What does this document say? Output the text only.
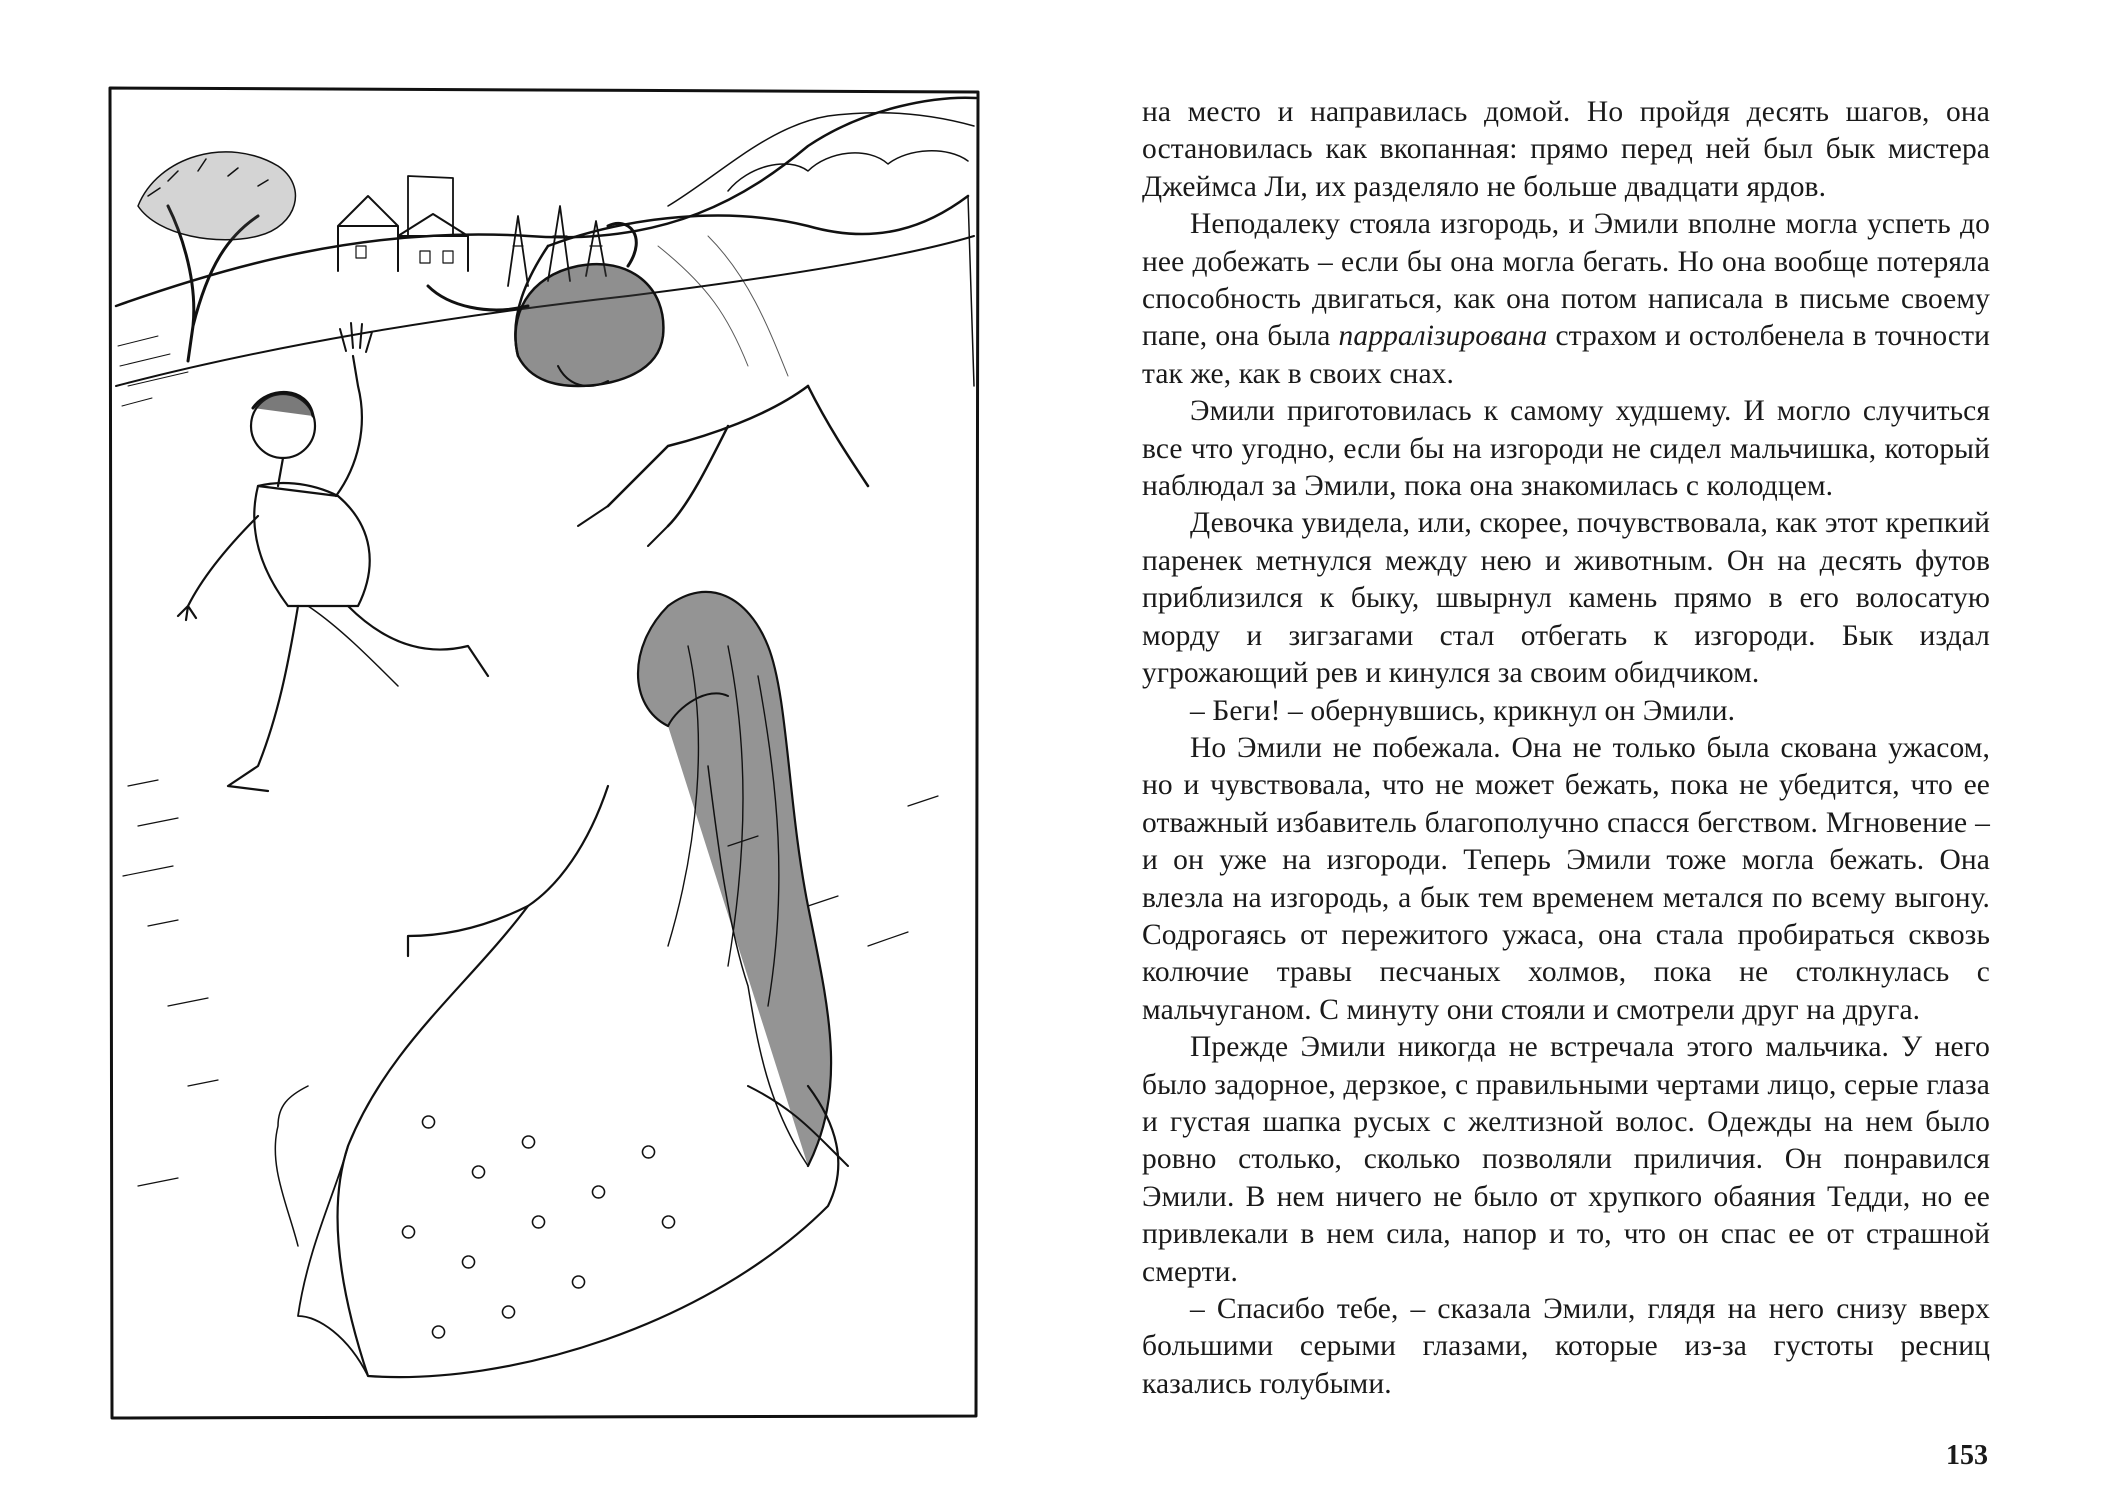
на место и направилась домой. Но пройдя десять шагов, она остановилась как вкопанная: прямо перед ней был бык мистера Джеймса Ли, их разделяло не больше двадцати ярдов.

Неподалеку стояла изгородь, и Эмили вполне могла успеть до нее добежать – если бы она могла бегать. Но она вообще потеряла способность двигаться, как она потом написала в письме своему папе, она была парралізирована страхом и остолбенела в точности так же, как в своих снах.

Эмили приготовилась к самому худшему. И могло случиться все что угодно, если бы на изгороди не сидел мальчишка, который наблюдал за Эмили, пока она знакомилась с колодцем.

Девочка увидела, или, скорее, почувствовала, как этот крепкий паренек метнулся между нею и животным. Он на десять футов приблизился к быку, швырнул камень прямо в его волосатую морду и зигзагами стал отбегать к изгороди. Бык издал угрожающий рев и кинулся за своим обидчиком.

– Беги! – обернувшись, крикнул он Эмили.

Но Эмили не побежала. Она не только была скована ужасом, но и чувствовала, что не может бежать, пока не убедится, что ее отважный избавитель благополучно спасся бегством. Мгновение – и он уже на изгороди. Теперь Эмили тоже могла бежать. Она влезла на изгородь, а бык тем временем метался по всему выгону. Содрогаясь от пережитого ужаса, она стала пробираться сквозь колючие травы песчаных холмов, пока не столкнулась с мальчуганом. С минуту они стояли и смотрели друг на друга.

Прежде Эмили никогда не встречала этого мальчика. У него было задорное, дерзкое, с правильными чертами лицо, серые глаза и густая шапка русых с желтизной волос. Одежды на нем было ровно столько, сколько позволяли приличия. Он понравился Эмили. В нем ничего не было от хрупкого обаяния Тедди, но ее привлекали в нем сила, напор и то, что он спас ее от страшной смерти.

– Спасибо тебе, – сказала Эмили, глядя на него снизу вверх большими серыми глазами, которые из-за густоты ресниц казались голубыми.

153
